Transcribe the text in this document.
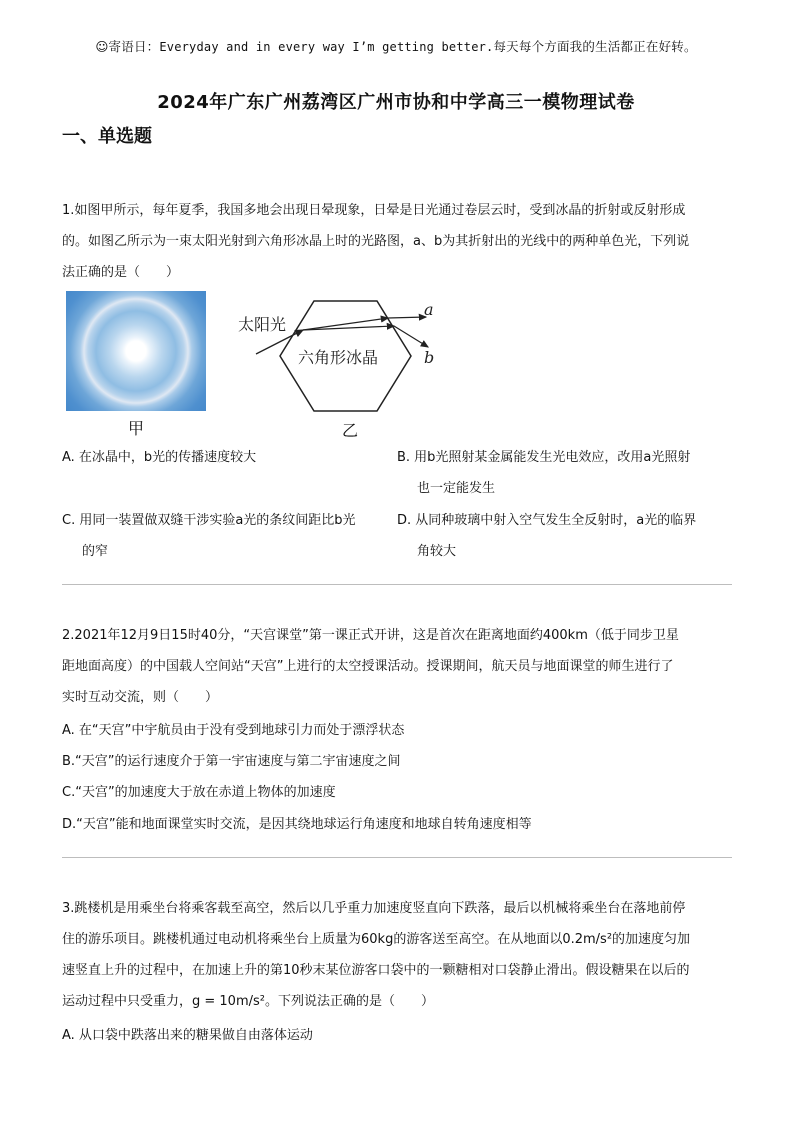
☺寄语日：Everyday and in every way I’m getting better.每天每个方面我的生活都正在好转。
2024年广东广州荔湾区广州市协和中学高三一模物理试卷
一、单选题
1.如图甲所示，每年夏季，我国多地会出现日晕现象，日晕是日光通过卷层云时，受到冰晶的折射或反射形成
的。如图乙所示为一束太阳光射到六角形冰晶上时的光路图，a、b为其折射出的光线中的两种单色光，下列说
法正确的是（　　）
甲
太阳光
六角形冰晶
a
b
乙
A. 在冰晶中，b光的传播速度较大	B. 用b光照射某金属能发生光电效应，改用a光照射
也一定能发生
C. 用同一装置做双缝干涉实验a光的条纹间距比b光
的窄
D. 从同种玻璃中射入空气发生全反射时，a光的临界
角较大
2.2021年12月9日15时40分，“天宫课堂”第一课正式开讲，这是首次在距离地面约400km（低于同步卫星
距地面高度）的中国载人空间站“天宫”上进行的太空授课活动。授课期间，航天员与地面课堂的师生进行了
实时互动交流，则（　　）
A. 在“天宫”中宇航员由于没有受到地球引力而处于漂浮状态
B.“天宫”的运行速度介于第一宇宙速度与第二宇宙速度之间
C.“天宫”的加速度大于放在赤道上物体的加速度
D.“天宫”能和地面课堂实时交流，是因其绕地球运行角速度和地球自转角速度相等
3.跳楼机是用乘坐台将乘客载至高空，然后以几乎重力加速度竖直向下跌落，最后以机械将乘坐台在落地前停
住的游乐项目。跳楼机通过电动机将乘坐台上质量为60kg的游客送至高空。在从地面以0.2m/s²的加速度匀加
速竖直上升的过程中，在加速上升的第10秒末某位游客口袋中的一颗糖相对口袋静止滑出。假设糖果在以后的
运动过程中只受重力，g = 10m/s²。下列说法正确的是（　　）
A. 从口袋中跌落出来的糖果做自由落体运动
